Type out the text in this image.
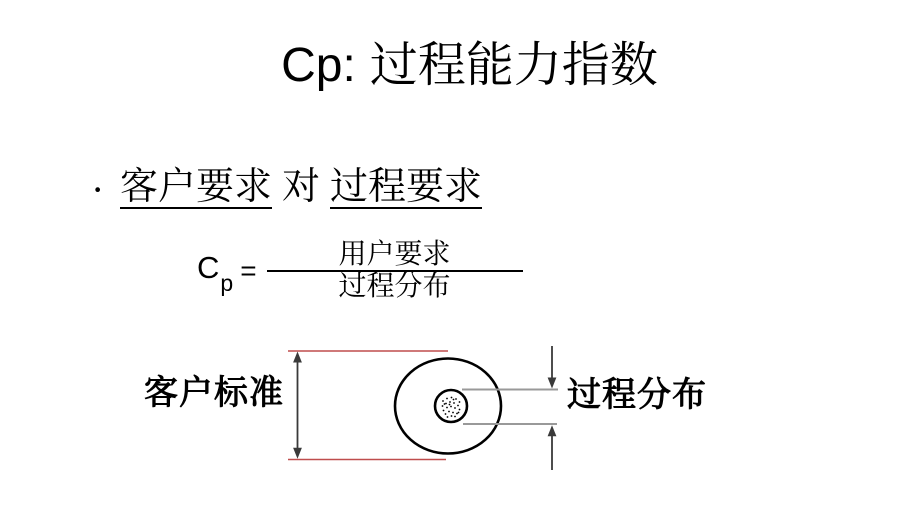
Cp: 过程能力指数
· 客户要求 对 过程要求
$C_p = \frac{\text{用户要求}}{\text{过程分布}}$
客户标准	过程分布
